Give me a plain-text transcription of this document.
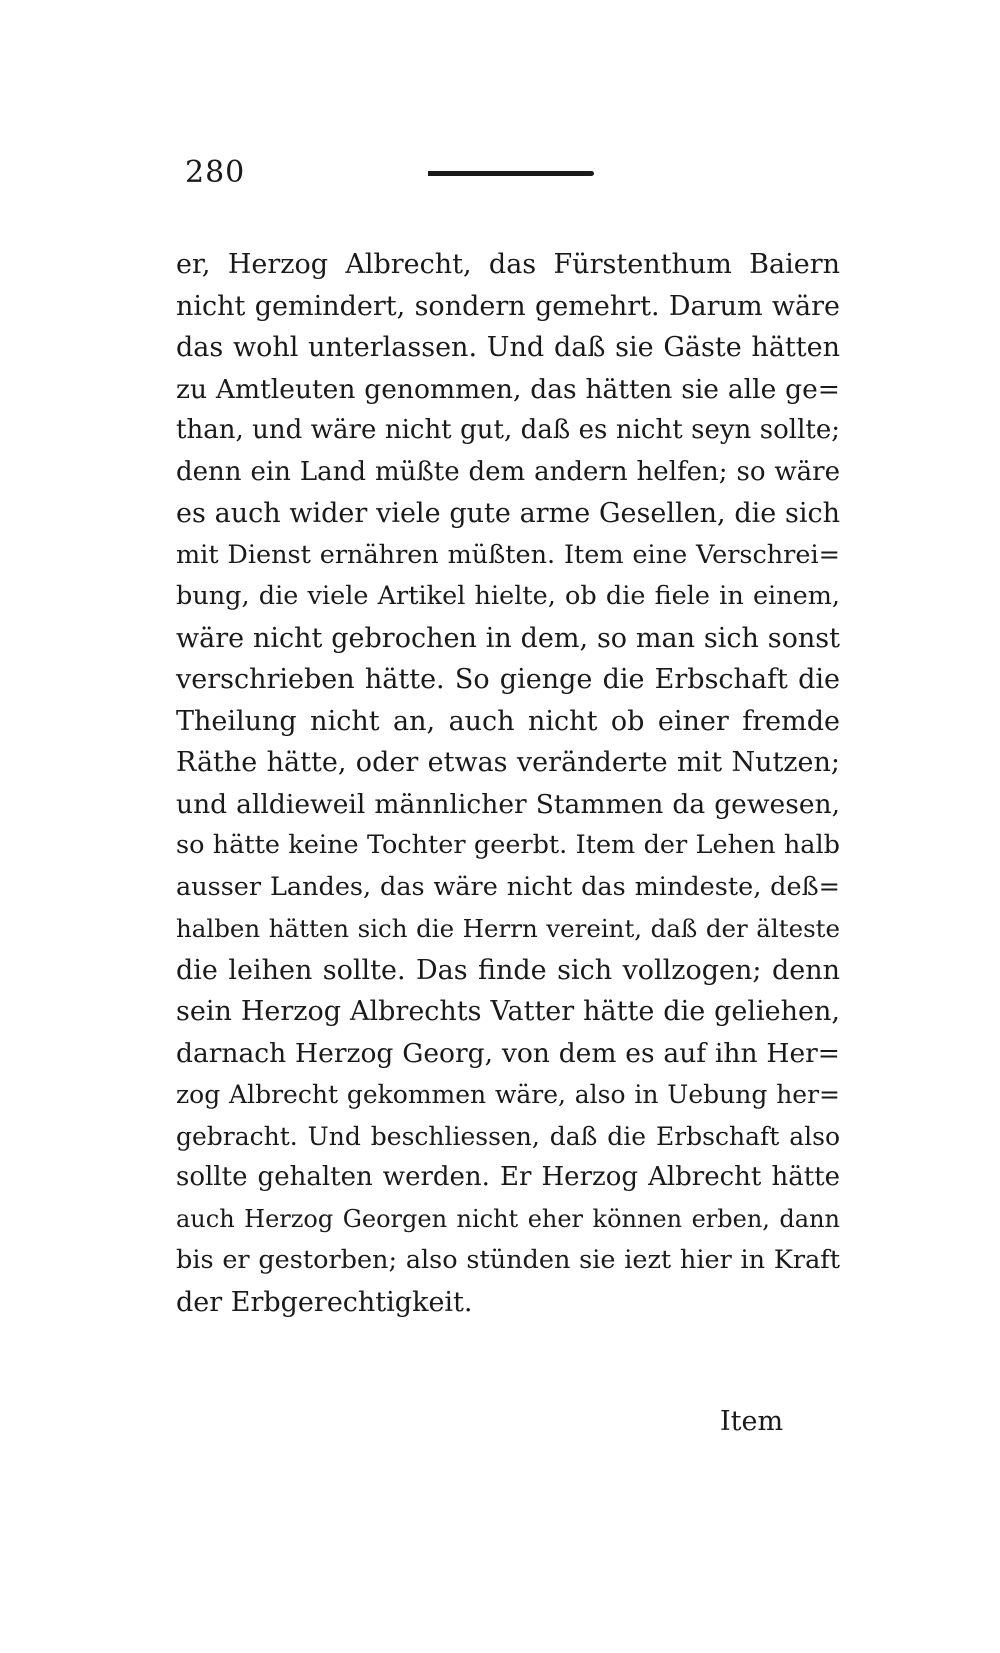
280
er, Herzog Albrecht, das Fürstenthum Baiern
nicht gemindert, sondern gemehrt. Darum wäre
das wohl unterlassen. Und daß sie Gäste hätten
zu Amtleuten genommen, das hätten sie alle ge=
than, und wäre nicht gut, daß es nicht seyn sollte;
denn ein Land müßte dem andern helfen; so wäre
es auch wider viele gute arme Gesellen, die sich
mit Dienst ernähren müßten. Item eine Verschrei=
bung, die viele Artikel hielte, ob die fiele in einem,
wäre nicht gebrochen in dem, so man sich sonst
verschrieben hätte. So gienge die Erbschaft die
Theilung nicht an, auch nicht ob einer fremde
Räthe hätte, oder etwas veränderte mit Nutzen;
und alldieweil männlicher Stammen da gewesen,
so hätte keine Tochter geerbt. Item der Lehen halb
ausser Landes, das wäre nicht das mindeste, deß=
halben hätten sich die Herrn vereint, daß der älteste
die leihen sollte. Das finde sich vollzogen; denn
sein Herzog Albrechts Vatter hätte die geliehen,
darnach Herzog Georg, von dem es auf ihn Her=
zog Albrecht gekommen wäre, also in Uebung her=
gebracht. Und beschliessen, daß die Erbschaft also
sollte gehalten werden. Er Herzog Albrecht hätte
auch Herzog Georgen nicht eher können erben, dann
bis er gestorben; also stünden sie iezt hier in Kraft
der Erbgerechtigkeit.
Item
